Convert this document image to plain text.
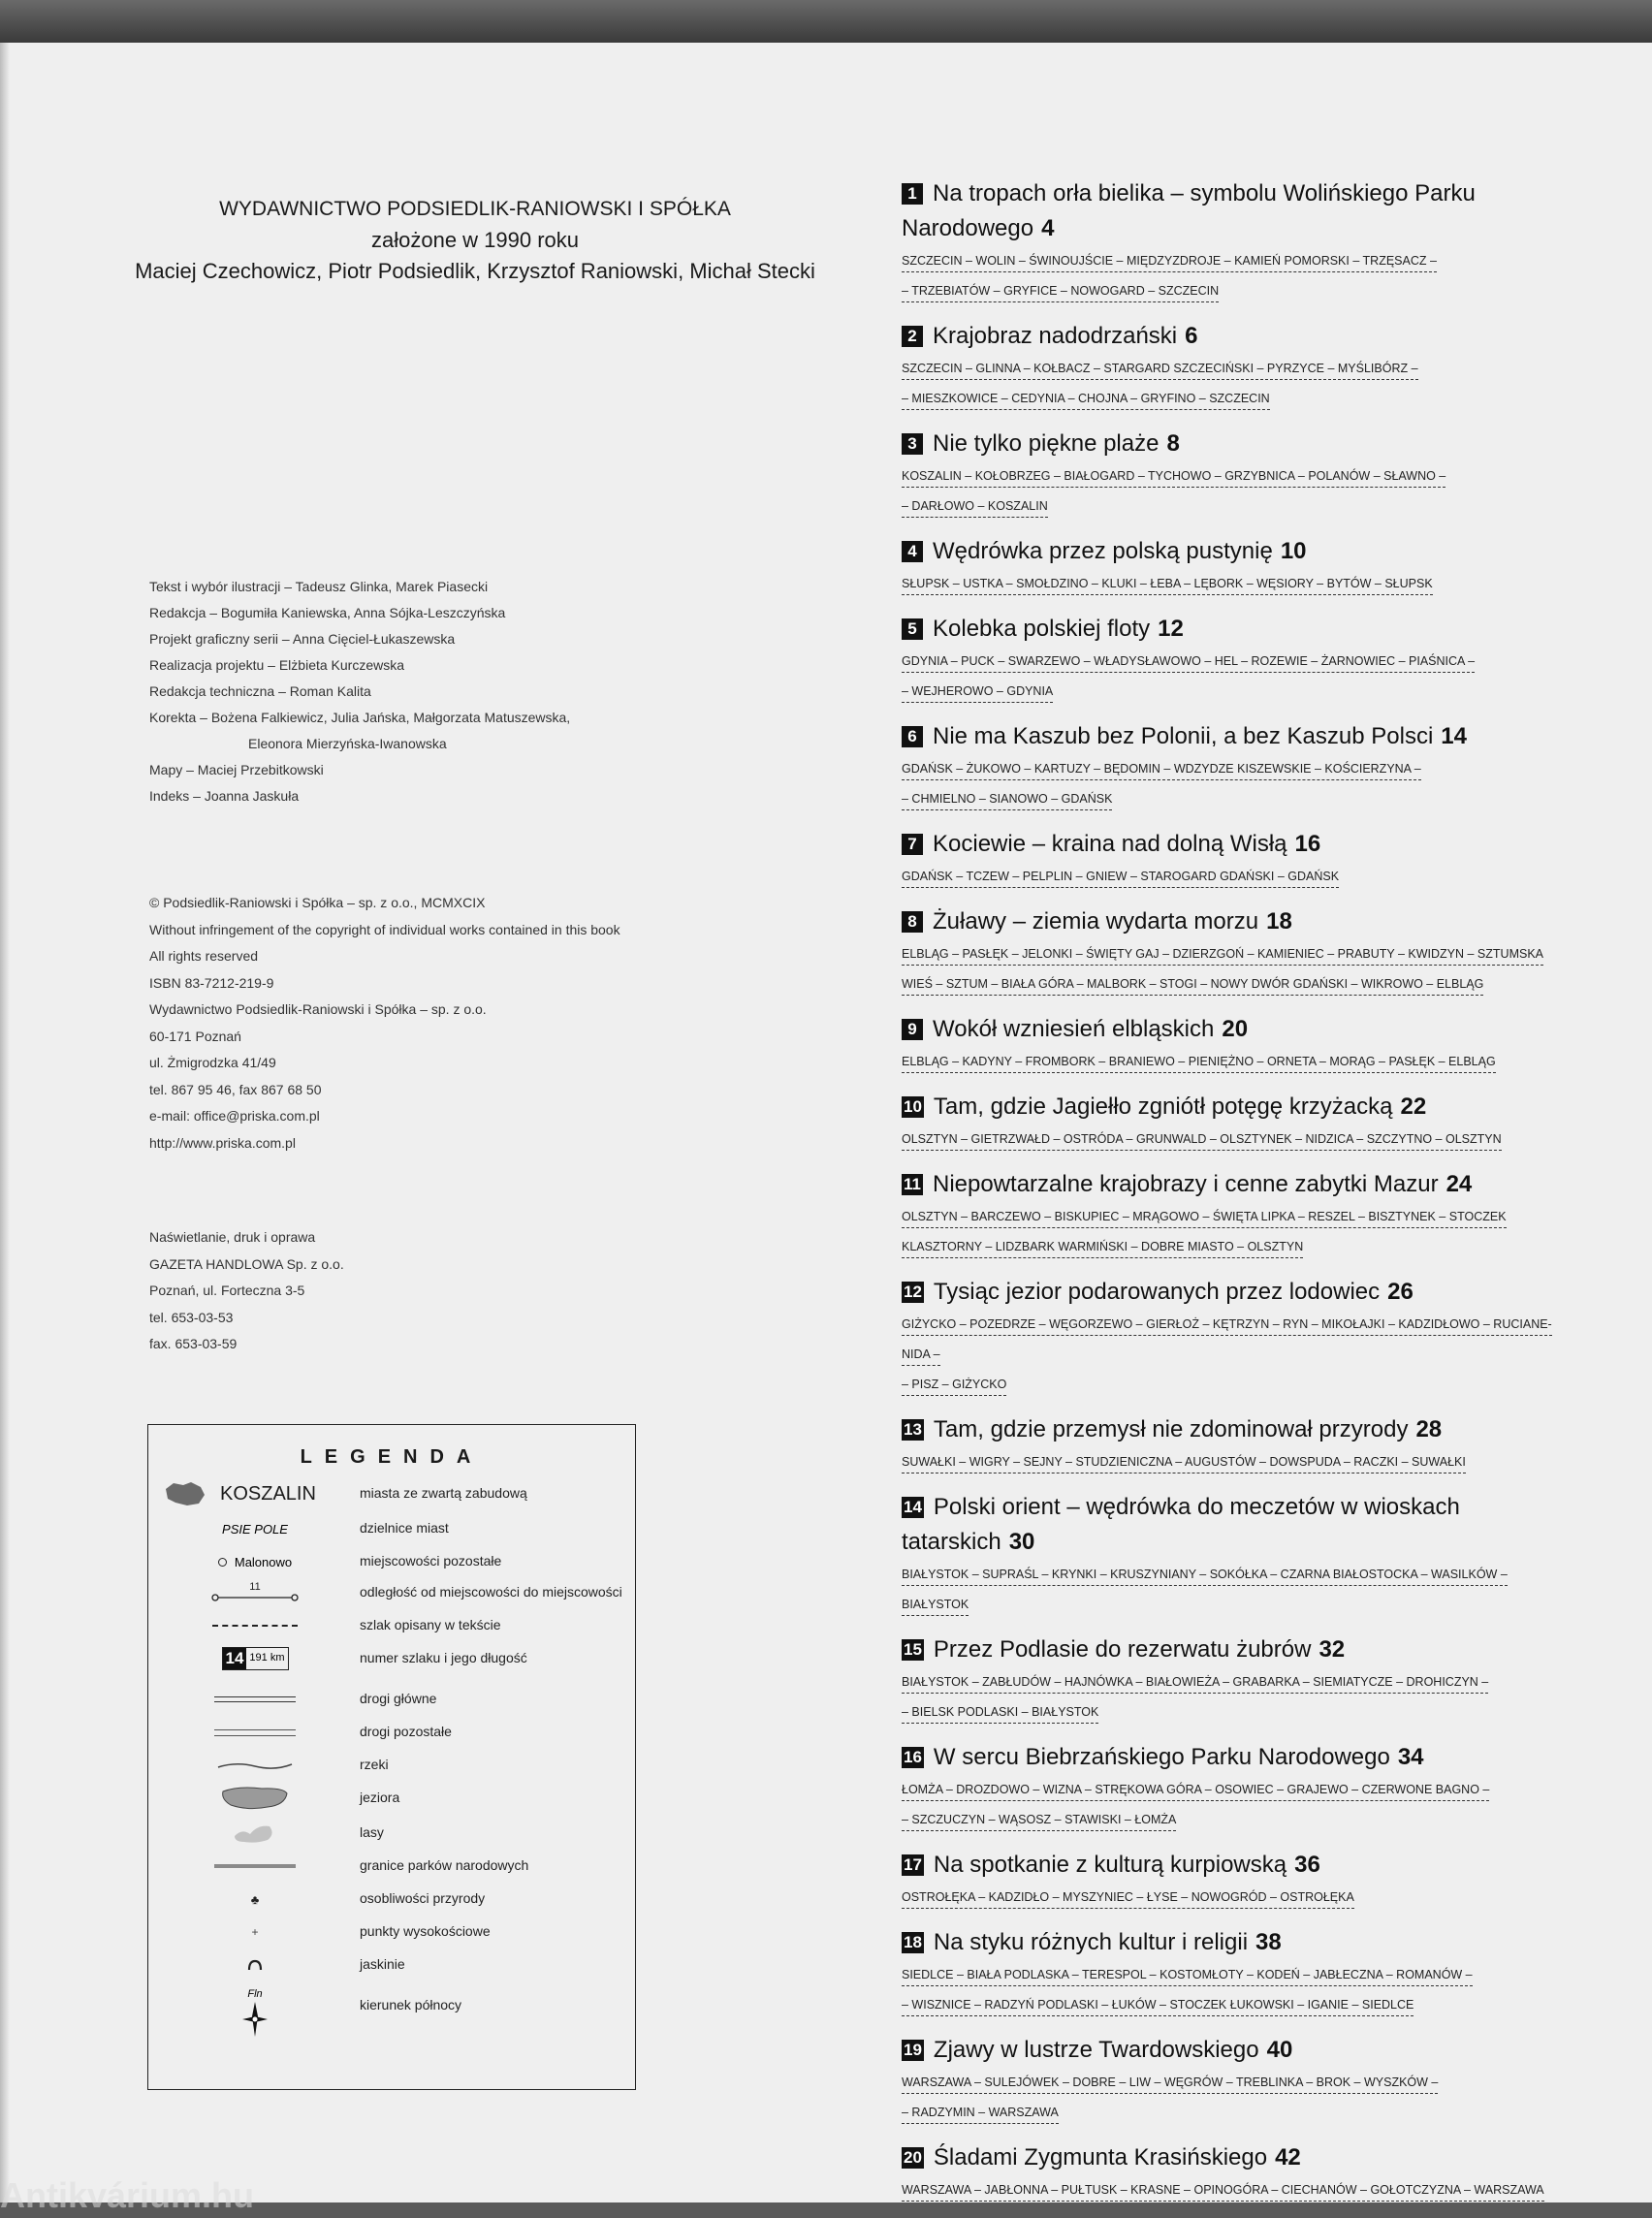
WYDAWNICTWO PODSIEDLIK-RANIOWSKI I SPÓŁKA
założone w 1990 roku
Maciej Czechowicz, Piotr Podsiedlik, Krzysztof Raniowski, Michał Stecki
Tekst i wybór ilustracji – Tadeusz Glinka, Marek Piasecki
Redakcja – Bogumiła Kaniewska, Anna Sójka-Leszczyńska
Projekt graficzny serii – Anna Cięciel-Łukaszewska
Realizacja projektu – Elżbieta Kurczewska
Redakcja techniczna – Roman Kalita
Korekta – Bożena Falkiewicz, Julia Jańska, Małgorzata Matuszewska,
Eleonora Mierzyńska-Iwanowska
Mapy – Maciej Przebitkowski
Indeks – Joanna Jaskuła
© Podsiedlik-Raniowski i Spółka – sp. z o.o., MCMXCIX
Without infringement of the copyright of individual works contained in this book
All rights reserved
ISBN 83-7212-219-9
Wydawnictwo Podsiedlik-Raniowski i Spółka – sp. z o.o.
60-171 Poznań
ul. Żmigrodzka 41/49
tel. 867 95 46, fax 867 68 50
e-mail: office@priska.com.pl
http://www.priska.com.pl
Naświetlanie, druk i oprawa
GAZETA HANDLOWA Sp. z o.o.
Poznań, ul. Forteczna 3-5
tel. 653-03-53
fax. 653-03-59
LEGENDA
KOSZALIN	miasta ze zwartą zabudową
PSIE POLE	dzielnice miast
Malonowo	miejscowości pozostałe
11	odległość od miejscowości do miejscowości
szlak opisany w tekście
14 191 km	numer szlaku i jego długość
drogi główne
drogi pozostałe
rzeki
jeziora
lasy
granice parków narodowych
♣	osobliwości przyrody
+	punkty wysokościowe
jaskinie
Fln
kierunek północy
1 Na tropach orła bielika – symbolu Wolińskiego Parku Narodowego 4
SZCZECIN – WOLIN – ŚWINOUJŚCIE – MIĘDZYZDROJE – KAMIEŃ POMORSKI – TRZĘSACZ –
– TRZEBIATÓW – GRYFICE – NOWOGARD – SZCZECIN
2 Krajobraz nadodrzański 6
SZCZECIN – GLINNA – KOŁBACZ – STARGARD SZCZECIŃSKI – PYRZYCE – MYŚLIBÓRZ –
– MIESZKOWICE – CEDYNIA – CHOJNA – GRYFINO – SZCZECIN
3 Nie tylko piękne plaże 8
KOSZALIN – KOŁOBRZEG – BIAŁOGARD – TYCHOWO – GRZYBNICA – POLANÓW – SŁAWNO –
– DARŁOWO – KOSZALIN
4 Wędrówka przez polską pustynię 10
SŁUPSK – USTKA – SMOŁDZINO – KLUKI – ŁEBA – LĘBORK – WĘSIORY – BYTÓW – SŁUPSK
5 Kolebka polskiej floty 12
GDYNIA – PUCK – SWARZEWO – WŁADYSŁAWOWO – HEL – ROZEWIE – ŻARNOWIEC – PIAŚNICA –
– WEJHEROWO – GDYNIA
6 Nie ma Kaszub bez Polonii, a bez Kaszub Polsci 14
GDAŃSK – ŻUKOWO – KARTUZY – BĘDOMIN – WDZYDZE KISZEWSKIE – KOŚCIERZYNA –
– CHMIELNO – SIANOWO – GDAŃSK
7 Kociewie – kraina nad dolną Wisłą 16
GDAŃSK – TCZEW – PELPLIN – GNIEW – STAROGARD GDAŃSKI – GDAŃSK
8 Żuławy – ziemia wydarta morzu 18
ELBLĄG – PASŁĘK – JELONKI – ŚWIĘTY GAJ – DZIERZGOŃ – KAMIENIEC – PRABUTY – KWIDZYN – SZTUMSKA
WIEŚ – SZTUM – BIAŁA GÓRA – MALBORK – STOGI – NOWY DWÓR GDAŃSKI – WIKROWO – ELBLĄG
9 Wokół wzniesień elbląskich 20
ELBLĄG – KADYNY – FROMBORK – BRANIEWO – PIENIĘŻNO – ORNETA – MORĄG – PASŁĘK – ELBLĄG
10 Tam, gdzie Jagiełło zgniótł potęgę krzyżacką 22
OLSZTYN – GIETRZWAŁD – OSTRÓDA – GRUNWALD – OLSZTYNEK – NIDZICA – SZCZYTNO – OLSZTYN
11 Niepowtarzalne krajobrazy i cenne zabytki Mazur 24
OLSZTYN – BARCZEWO – BISKUPIEC – MRĄGOWO – ŚWIĘTA LIPKA – RESZEL – BISZTYNEK – STOCZEK
KLASZTORNY – LIDZBARK WARMIŃSKI – DOBRE MIASTO – OLSZTYN
12 Tysiąc jezior podarowanych przez lodowiec 26
GIŻYCKO – POZEDRZE – WĘGORZEWO – GIERŁOŻ – KĘTRZYN – RYN – MIKOŁAJKI – KADZIDŁOWO – RUCIANE-NIDA –
– PISZ – GIŻYCKO
13 Tam, gdzie przemysł nie zdominował przyrody 28
SUWAŁKI – WIGRY – SEJNY – STUDZIENICZNA – AUGUSTÓW – DOWSPUDA – RACZKI – SUWAŁKI
14 Polski orient – wędrówka do meczetów w wioskach tatarskich 30
BIAŁYSTOK – SUPRAŚL – KRYNKI – KRUSZYNIANY – SOKÓŁKA – CZARNA BIAŁOSTOCKA – WASILKÓW – BIAŁYSTOK
15 Przez Podlasie do rezerwatu żubrów 32
BIAŁYSTOK – ZABŁUDÓW – HAJNÓWKA – BIAŁOWIEŻA – GRABARKA – SIEMIATYCZE – DROHICZYN –
– BIELSK PODLASKI – BIAŁYSTOK
16 W sercu Biebrzańskiego Parku Narodowego 34
ŁOMŻA – DROZDOWO – WIZNA – STRĘKOWA GÓRA – OSOWIEC – GRAJEWO – CZERWONE BAGNO –
– SZCZUCZYN – WĄSOSZ – STAWISKI – ŁOMŻA
17 Na spotkanie z kulturą kurpiowską 36
OSTROŁĘKA – KADZIDŁO – MYSZYNIEC – ŁYSE – NOWOGRÓD – OSTROŁĘKA
18 Na styku różnych kultur i religii 38
SIEDLCE – BIAŁA PODLASKA – TERESPOL – KOSTOMŁOTY – KODEŃ – JABŁECZNA – ROMANÓW –
– WISZNICE – RADZYŃ PODLASKI – ŁUKÓW – STOCZEK ŁUKOWSKI – IGANIE – SIEDLCE
19 Zjawy w lustrze Twardowskiego 40
WARSZAWA – SULEJÓWEK – DOBRE – LIW – WĘGRÓW – TREBLINKA – BROK – WYSZKÓW –
– RADZYMIN – WARSZAWA
20 Śladami Zygmunta Krasińskiego 42
WARSZAWA – JABŁONNA – PUŁTUSK – KRASNE – OPINOGÓRA – CIECHANÓW – GOŁOTCZYZNA – WARSZAWA
Antikvárium.hu
